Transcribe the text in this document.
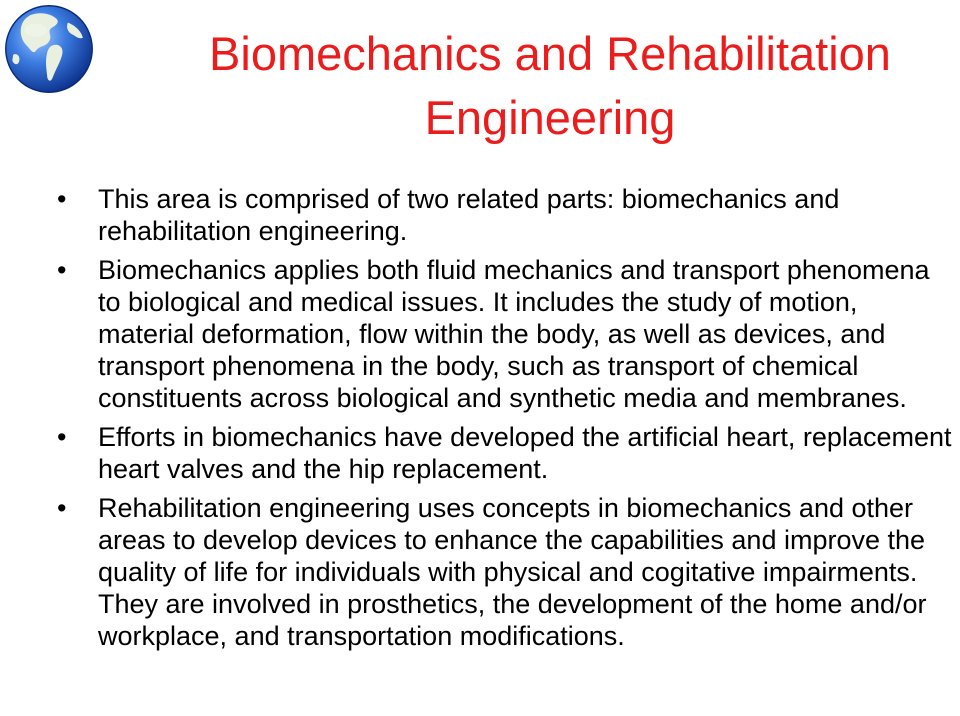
Biomechanics and Rehabilitation
Engineering
• This area is comprised of two related parts: biomechanics and rehabilitation engineering.
• Biomechanics applies both fluid mechanics and transport phenomena to biological and medical issues. It includes the study of motion, material deformation, flow within the body, as well as devices, and transport phenomena in the body, such as transport of chemical constituents across biological and synthetic media and membranes.
• Efforts in biomechanics have developed the artificial heart, replacement heart valves and the hip replacement.
• Rehabilitation engineering uses concepts in biomechanics and other areas to develop devices to enhance the capabilities and improve the quality of life for individuals with physical and cogitative impairments. They are involved in prosthetics, the development of the home and/or workplace, and transportation modifications.
